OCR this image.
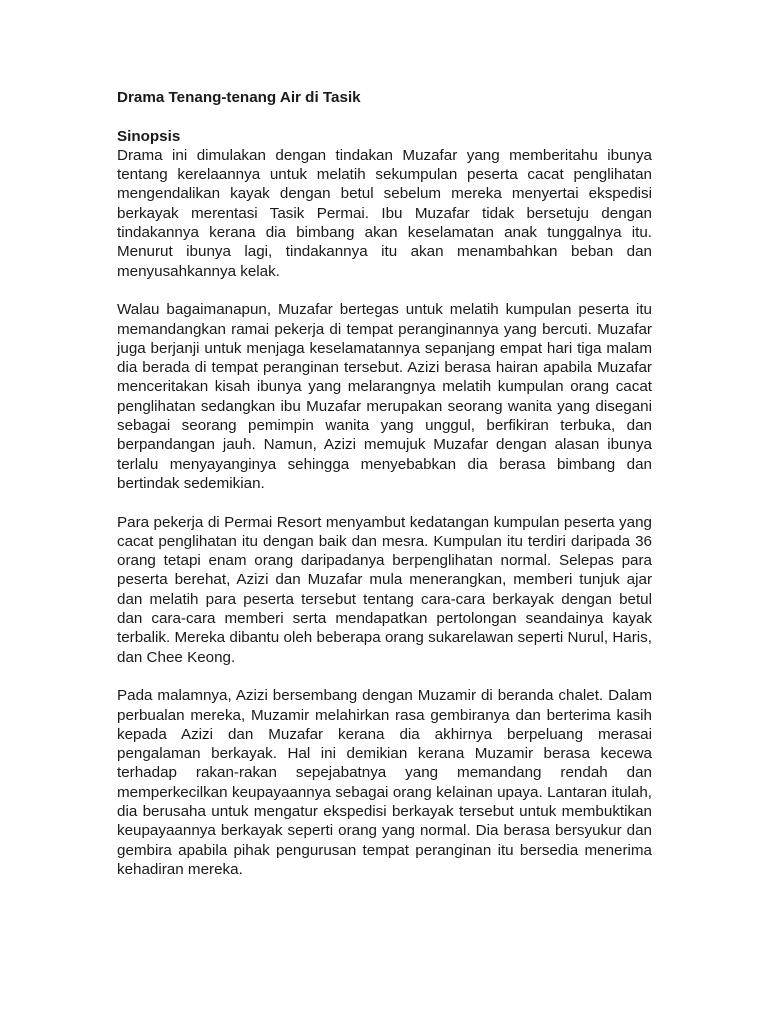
Drama Tenang-tenang Air di Tasik
Sinopsis

Drama ini dimulakan dengan tindakan Muzafar yang memberitahu ibunya tentang kerelaannya untuk melatih sekumpulan peserta cacat penglihatan mengendalikan kayak dengan betul sebelum mereka menyertai ekspedisi berkayak merentasi Tasik Permai. Ibu Muzafar tidak bersetuju dengan tindakannya kerana dia bimbang akan keselamatan anak tunggalnya itu. Menurut ibunya lagi, tindakannya itu akan menambahkan beban dan menyusahkannya kelak.

Walau bagaimanapun, Muzafar bertegas untuk melatih kumpulan peserta itu memandangkan ramai pekerja di tempat peranginannya yang bercuti. Muzafar juga berjanji untuk menjaga keselamatannya sepanjang empat hari tiga malam dia berada di tempat peranginan tersebut. Azizi berasa hairan apabila Muzafar menceritakan kisah ibunya yang melarangnya melatih kumpulan orang cacat penglihatan sedangkan ibu Muzafar merupakan seorang wanita yang disegani sebagai seorang pemimpin wanita yang unggul, berfikiran terbuka, dan berpandangan jauh. Namun, Azizi memujuk Muzafar dengan alasan ibunya terlalu menyayanginya sehingga menyebabkan dia berasa bimbang dan bertindak sedemikian.

Para pekerja di Permai Resort menyambut kedatangan kumpulan peserta yang cacat penglihatan itu dengan baik dan mesra. Kumpulan itu terdiri daripada 36 orang tetapi enam orang daripadanya berpenglihatan normal. Selepas para peserta berehat, Azizi dan Muzafar mula menerangkan, memberi tunjuk ajar dan melatih para peserta tersebut tentang cara-cara berkayak dengan betul dan cara-cara memberi serta mendapatkan pertolongan seandainya kayak terbalik. Mereka dibantu oleh beberapa orang sukarelawan seperti Nurul, Haris, dan Chee Keong.

Pada malamnya, Azizi bersembang dengan Muzamir di beranda chalet. Dalam perbualan mereka, Muzamir melahirkan rasa gembiranya dan berterima kasih kepada Azizi dan Muzafar kerana dia akhirnya berpeluang merasai pengalaman berkayak. Hal ini demikian kerana Muzamir berasa kecewa terhadap rakan-rakan sepejabatnya yang memandang rendah dan memperkecilkan keupayaannya sebagai orang kelainan upaya. Lantaran itulah, dia berusaha untuk mengatur ekspedisi berkayak tersebut untuk membuktikan keupayaannya berkayak seperti orang yang normal. Dia berasa bersyukur dan gembira apabila pihak pengurusan tempat peranginan itu bersedia menerima kehadiran mereka.
